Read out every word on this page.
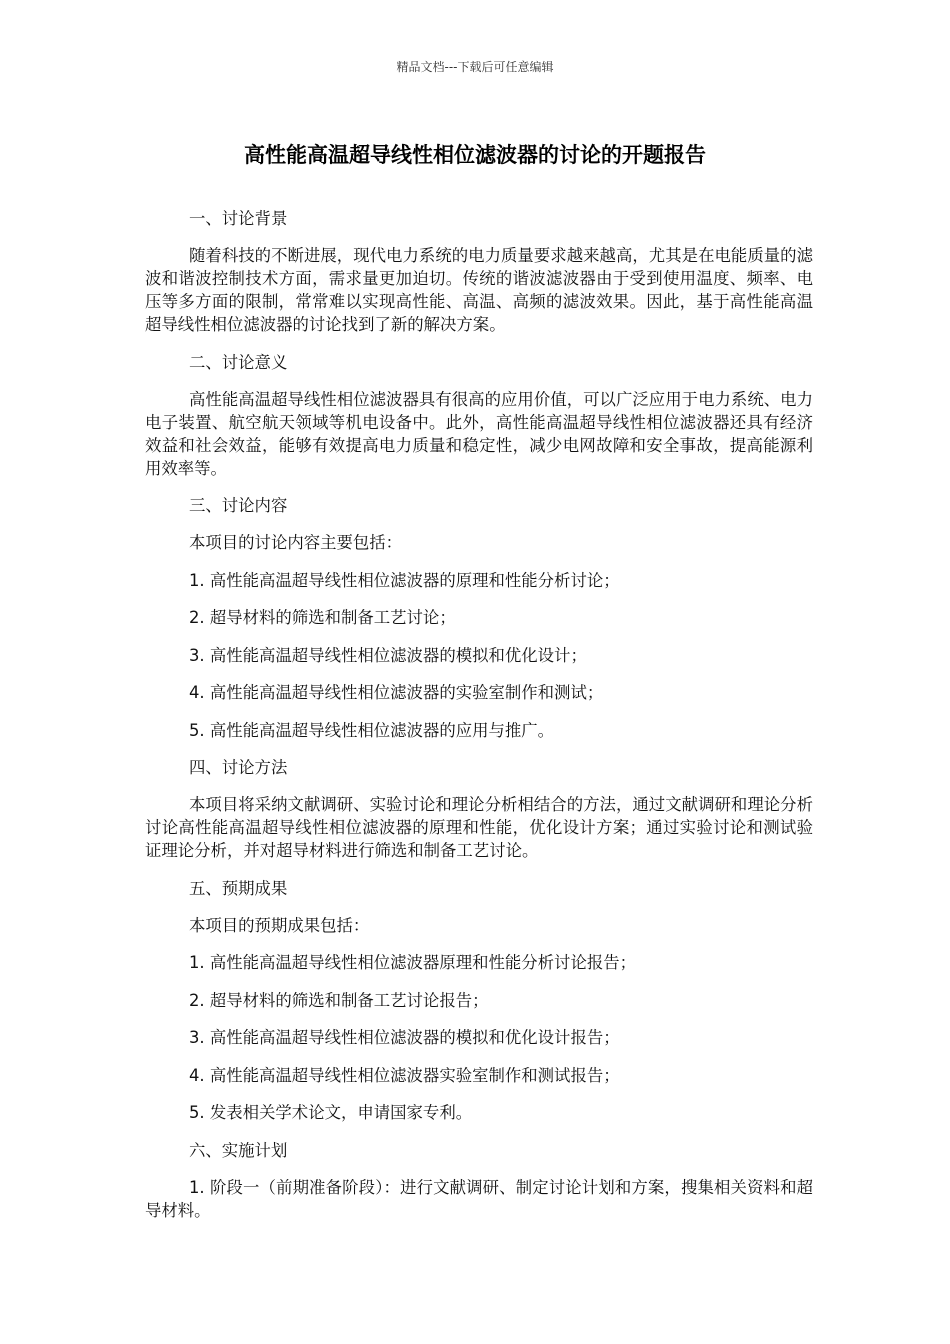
精品文档---下载后可任意编辑
高性能高温超导线性相位滤波器的讨论的开题报告

一、讨论背景

随着科技的不断进展，现代电力系统的电力质量要求越来越高，尤其是在电能质量的滤波和谐波控制技术方面，需求量更加迫切。传统的谐波滤波器由于受到使用温度、频率、电压等多方面的限制，常常难以实现高性能、高温、高频的滤波效果。因此，基于高性能高温超导线性相位滤波器的讨论找到了新的解决方案。

二、讨论意义

高性能高温超导线性相位滤波器具有很高的应用价值，可以广泛应用于电力系统、电力电子装置、航空航天领域等机电设备中。此外，高性能高温超导线性相位滤波器还具有经济效益和社会效益，能够有效提高电力质量和稳定性，减少电网故障和安全事故，提高能源利用效率等。

三、讨论内容

本项目的讨论内容主要包括：

1. 高性能高温超导线性相位滤波器的原理和性能分析讨论；

2. 超导材料的筛选和制备工艺讨论；

3. 高性能高温超导线性相位滤波器的模拟和优化设计；

4. 高性能高温超导线性相位滤波器的实验室制作和测试；

5. 高性能高温超导线性相位滤波器的应用与推广。

四、讨论方法

本项目将采纳文献调研、实验讨论和理论分析相结合的方法，通过文献调研和理论分析讨论高性能高温超导线性相位滤波器的原理和性能，优化设计方案；通过实验讨论和测试验证理论分析，并对超导材料进行筛选和制备工艺讨论。

五、预期成果

本项目的预期成果包括：

1. 高性能高温超导线性相位滤波器原理和性能分析讨论报告；

2. 超导材料的筛选和制备工艺讨论报告；

3. 高性能高温超导线性相位滤波器的模拟和优化设计报告；

4. 高性能高温超导线性相位滤波器实验室制作和测试报告；

5. 发表相关学术论文，申请国家专利。

六、实施计划

1. 阶段一（前期准备阶段）：进行文献调研、制定讨论计划和方案，搜集相关资料和超导材料。
